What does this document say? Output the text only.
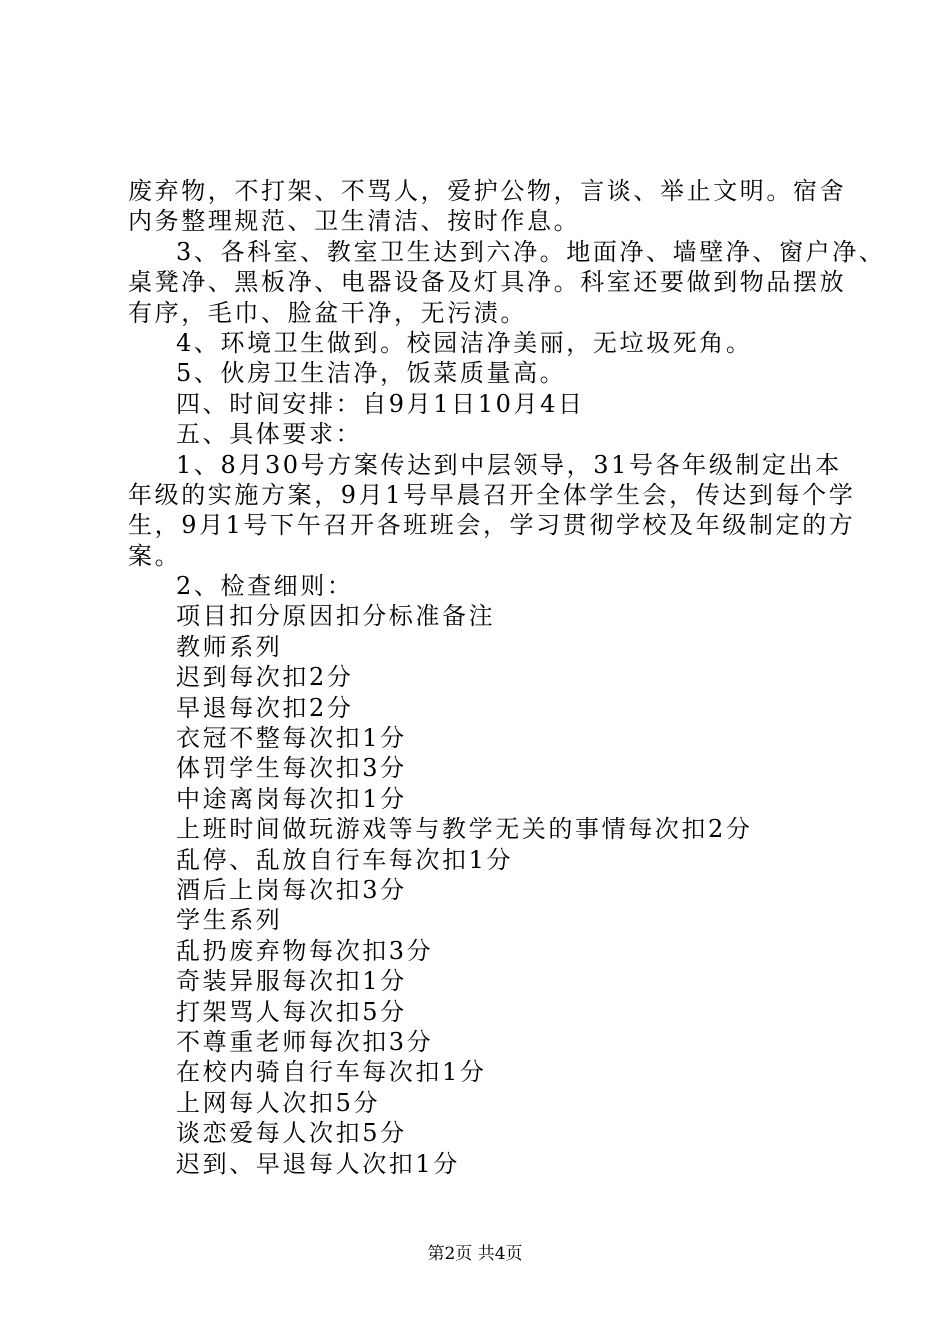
废弃物，不打架、不骂人，爱护公物，言谈、举止文明。宿舍
内务整理规范、卫生清洁、按时作息。
3、各科室、教室卫生达到六净。地面净、墙壁净、窗户净、
桌凳净、黑板净、电器设备及灯具净。科室还要做到物品摆放
有序，毛巾、脸盆干净，无污渍。
4、环境卫生做到。校园洁净美丽，无垃圾死角。
5、伙房卫生洁净，饭菜质量高。
四、时间安排：自9月1日10月4日
五、具体要求：
1、8月30号方案传达到中层领导，31号各年级制定出本
年级的实施方案，9月1号早晨召开全体学生会，传达到每个学
生，9月1号下午召开各班班会，学习贯彻学校及年级制定的方
案。
2、检查细则：
项目扣分原因扣分标准备注
教师系列
迟到每次扣2分
早退每次扣2分
衣冠不整每次扣1分
体罚学生每次扣3分
中途离岗每次扣1分
上班时间做玩游戏等与教学无关的事情每次扣2分
乱停、乱放自行车每次扣1分
酒后上岗每次扣3分
学生系列
乱扔废弃物每次扣3分
奇装异服每次扣1分
打架骂人每次扣5分
不尊重老师每次扣3分
在校内骑自行车每次扣1分
上网每人次扣5分
谈恋爱每人次扣5分
迟到、早退每人次扣1分
第2页 共4页
